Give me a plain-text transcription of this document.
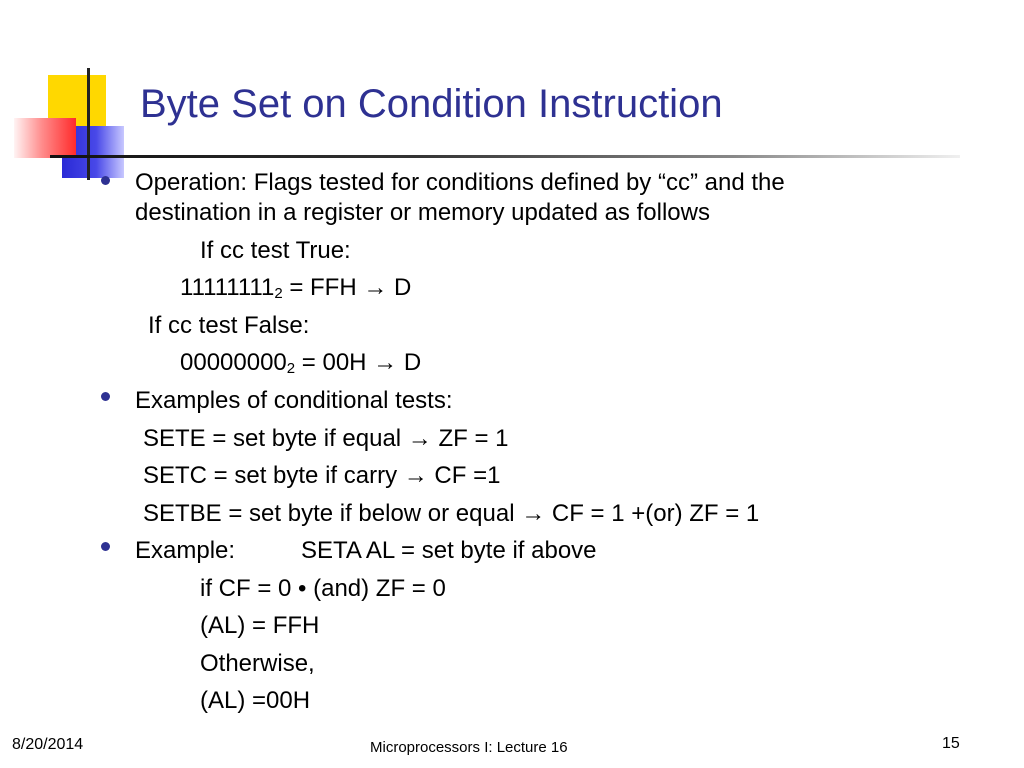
Byte Set on Condition Instruction
Operation: Flags tested for conditions defined by “cc” and the
destination in a register or memory updated as follows
If cc test True:
$11111111_2$ = FFH → D
If cc test False:
$00000000_2 = 00H \to D$
Examples of conditional tests:
SETE = set byte if equal → ZF = 1
SETC = set byte if carry → CF =1
SETBE = set byte if below or equal → CF = 1 +(or) ZF = 1
Example:	SETA AL = set byte if above
if CF = 0 • (and) ZF = 0
(AL) = FFH
Otherwise,
(AL) =00H
8/20/2014	Microprocessors I: Lecture 16	15
